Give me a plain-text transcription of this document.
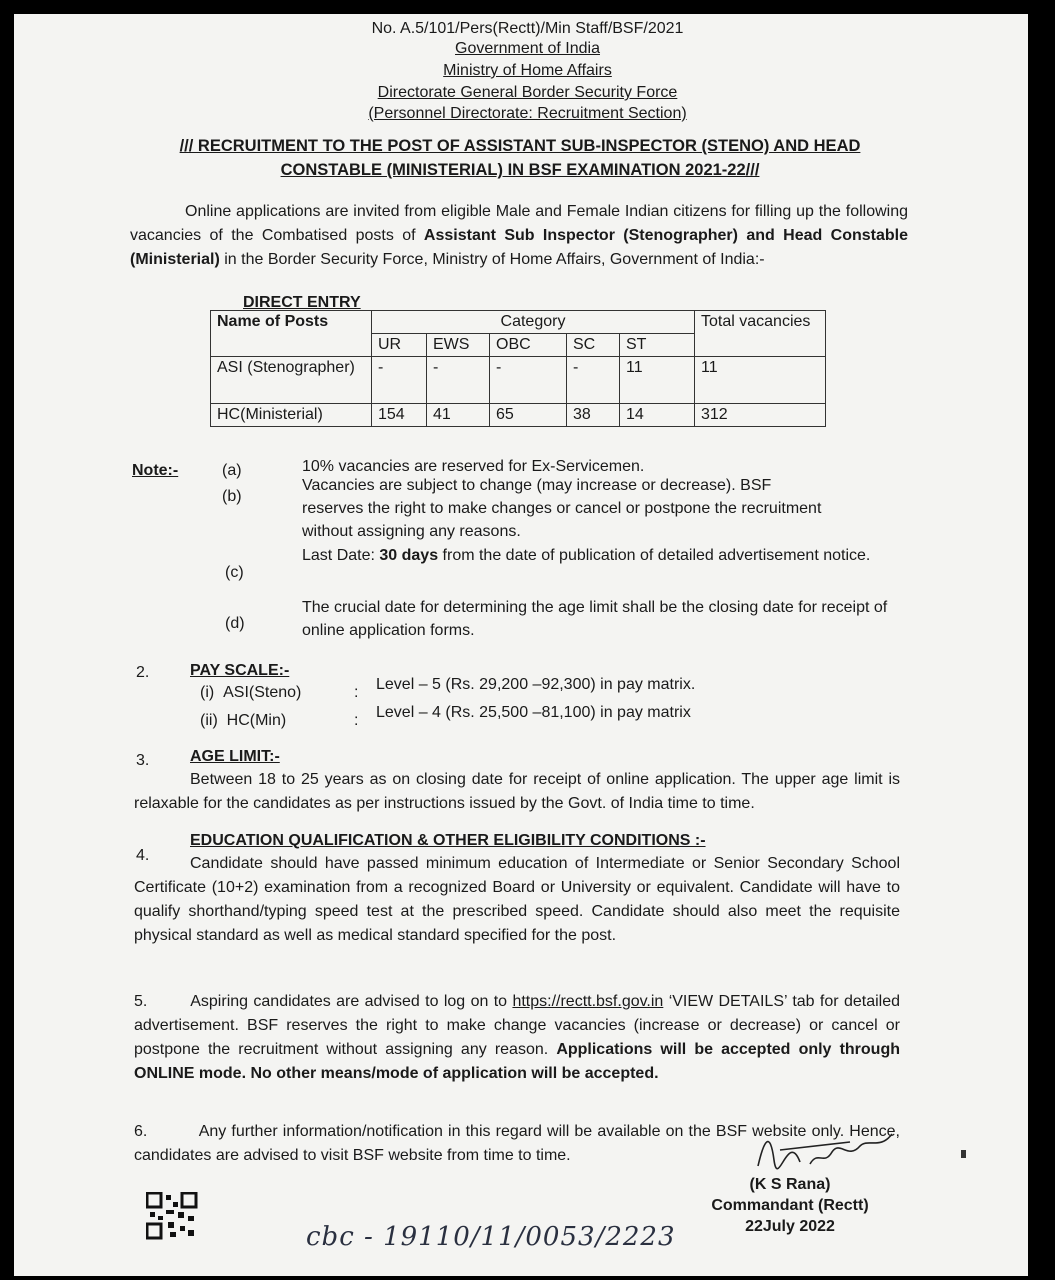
No. A.5/101/Pers(Rectt)/Min Staff/BSF/2021
Government of India
Ministry of Home Affairs
Directorate General Border Security Force
(Personnel Directorate: Recruitment Section)
/// RECRUITMENT TO THE POST OF ASSISTANT SUB-INSPECTOR (STENO) AND HEAD
CONSTABLE (MINISTERIAL) IN BSF EXAMINATION 2021-22///
Online applications are invited from eligible Male and Female Indian citizens for filling up the following vacancies of the Combatised posts of Assistant Sub Inspector (Stenographer) and Head Constable (Ministerial) in the Border Security Force, Ministry of Home Affairs, Government of India:-
DIRECT ENTRY
Name of Posts	Category					Total vacancies
	UR	EWS	OBC	SC	ST	
ASI (Stenographer)	-	-	-	-	11	11
HC(Ministerial)	154	41	65	38	14	312
Note:-	(a)	10% vacancies are reserved for Ex-Servicemen.
(b)
Vacancies are subject to change (may increase or decrease). BSF reserves the right to make changes or cancel or postpone the recruitment without assigning any reasons.
(c)
Last Date: 30 days from the date of publication of detailed advertisement notice.
(d)
The crucial date for determining the age limit shall be the closing date for receipt of online application forms.
2.	PAY SCALE:-
(i) ASI(Steno)	: Level – 5 (Rs. 29,200 –92,300) in pay matrix.
(ii) HC(Min)	: Level – 4 (Rs. 25,500 –81,100) in pay matrix
3.	AGE LIMIT:-
Between 18 to 25 years as on closing date for receipt of online application. The upper age limit is relaxable for the candidates as per instructions issued by the Govt. of India time to time.
4.
EDUCATION QUALIFICATION & OTHER ELIGIBILITY CONDITIONS :-
Candidate should have passed minimum education of Intermediate or Senior Secondary School Certificate (10+2) examination from a recognized Board or University or equivalent. Candidate will have to qualify shorthand/typing speed test at the prescribed speed. Candidate should also meet the requisite physical standard as well as medical standard specified for the post.
5.	Aspiring candidates are advised to log on to https://rectt.bsf.gov.in ‘VIEW DETAILS’ tab for detailed advertisement. BSF reserves the right to make change vacancies (increase or decrease) or cancel or postpone the recruitment without assigning any reason. Applications will be accepted only through ONLINE mode. No other means/mode of application will be accepted.
6.	Any further information/notification in this regard will be available on the BSF website only. Hence, candidates are advised to visit BSF website from time to time.
(K S Rana)
Commandant (Rectt)
22July 2022
cbc - 19110/11/0053/2223
